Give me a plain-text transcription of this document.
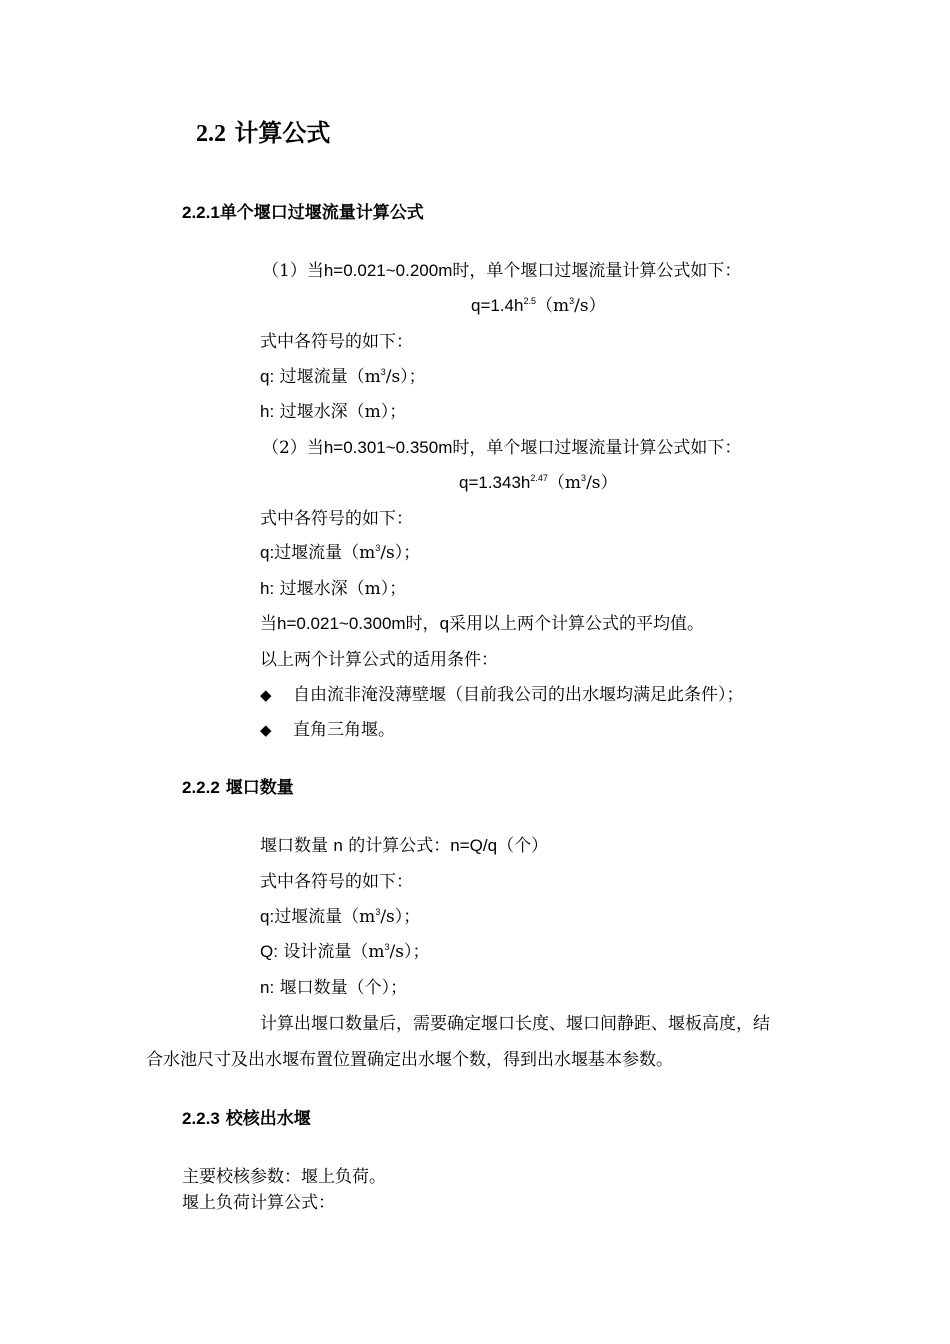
2.2 计算公式
2.2.1单个堰口过堰流量计算公式
（1）当h=0.021~0.200m时，单个堰口过堰流量计算公式如下：
$q=1.4h^{2.5}(m^3/s)$
式中各符号的如下：
q: 过堰流量$(m^3/s)$；
h: 过堰水深（m）；
（2）当h=0.301~0.350m时，单个堰口过堰流量计算公式如下：
$q=1.343h^{2.47}(m^3/s)$
式中各符号的如下：
q:过堰流量$(m^3/s)$；
h: 过堰水深（m）；
当h=0.021~0.300m时，q采用以上两个计算公式的平均值。
以上两个计算公式的适用条件：
◆ 自由流非淹没薄壁堰（目前我公司的出水堰均满足此条件）；
◆ 直角三角堰。
2.2.2 堰口数量
堰口数量 n 的计算公式：n=Q/q（个）
式中各符号的如下：
q:过堰流量$(m^3/s)$；
Q: 设计流量$(m^3/s)$；
n: 堰口数量（个）；
计算出堰口数量后，需要确定堰口长度、堰口间静距、堰板高度，结
合水池尺寸及出水堰布置位置确定出水堰个数，得到出水堰基本参数。
2.2.3 校核出水堰
主要校核参数：堰上负荷。
堰上负荷计算公式：
